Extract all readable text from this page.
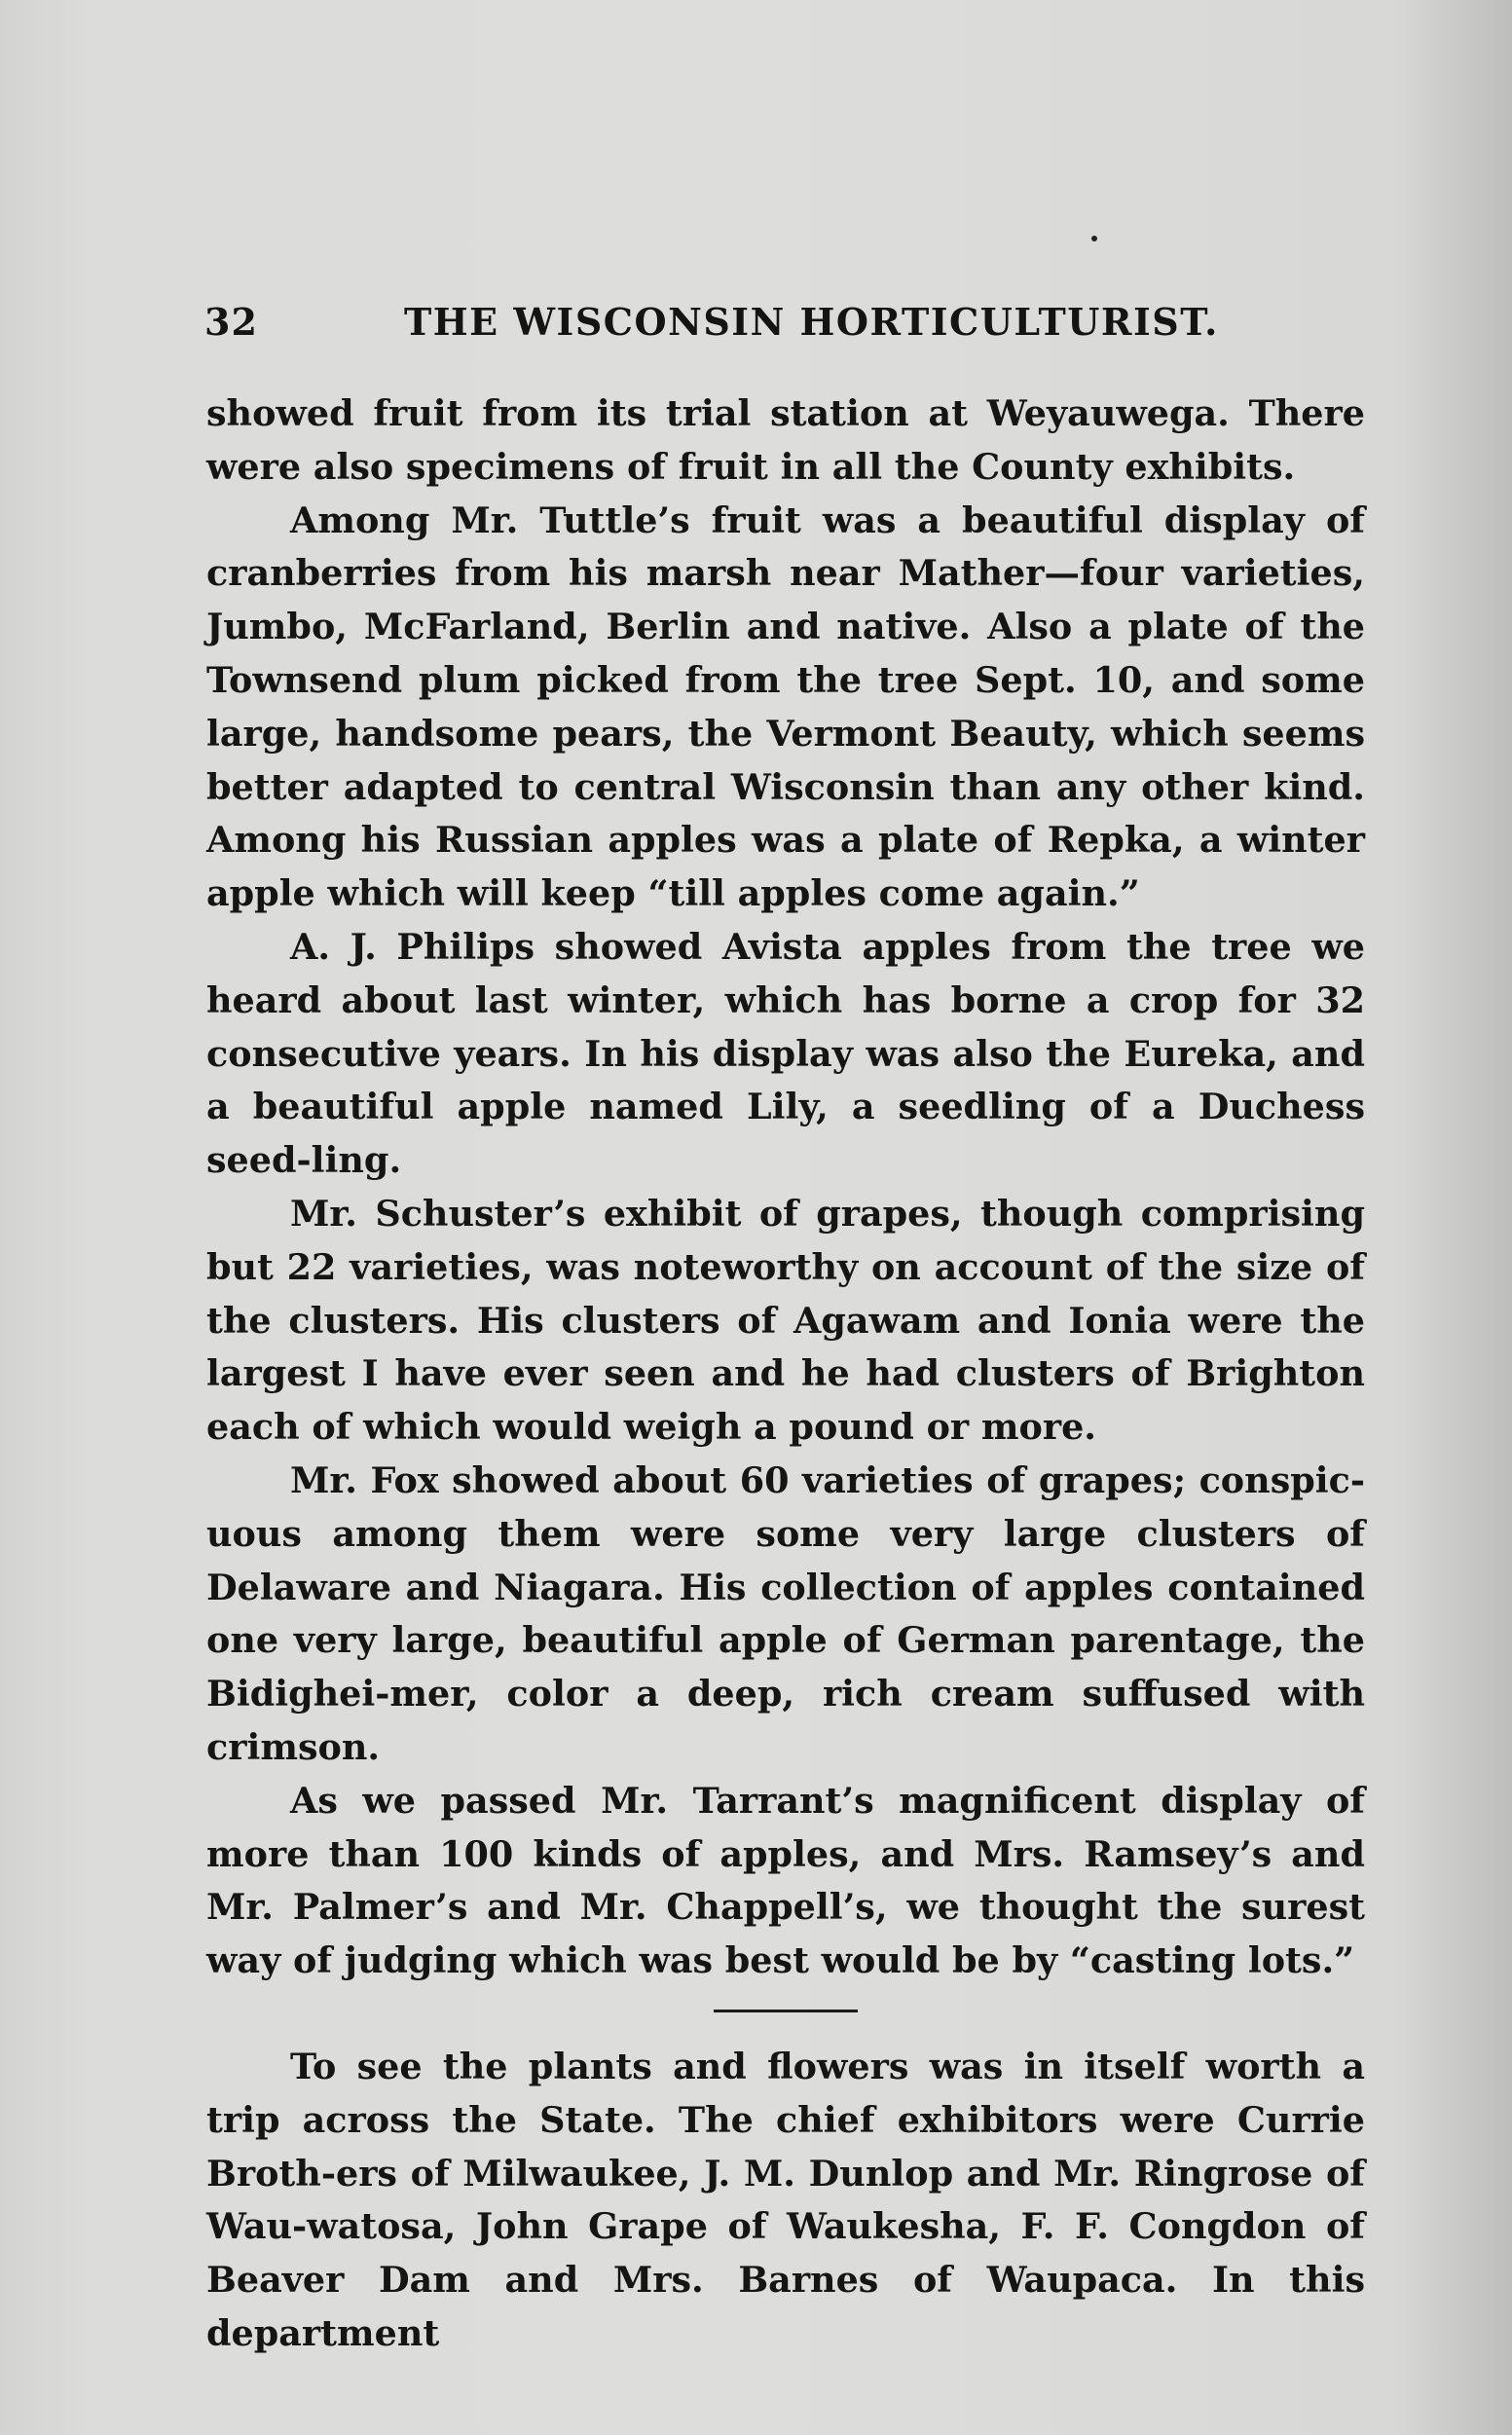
32	THE WISCONSIN HORTICULTURIST.

showed fruit from its trial station at Weyauwega. There were also specimens of fruit in all the County exhibits.

Among Mr. Tuttle’s fruit was a beautiful display of cranberries from his marsh near Mather—four varieties, Jumbo, McFarland, Berlin and native. Also a plate of the Townsend plum picked from the tree Sept. 10, and some large, handsome pears, the Vermont Beauty, which seems better adapted to central Wisconsin than any other kind. Among his Russian apples was a plate of Repka, a winter apple which will keep “till apples come again.”

A. J. Philips showed Avista apples from the tree we heard about last winter, which has borne a crop for 32 consecutive years. In his display was also the Eureka, and a beautiful apple named Lily, a seedling of a Duchess seed-ling.

Mr. Schuster’s exhibit of grapes, though comprising but 22 varieties, was noteworthy on account of the size of the clusters. His clusters of Agawam and Ionia were the largest I have ever seen and he had clusters of Brighton each of which would weigh a pound or more.

Mr. Fox showed about 60 varieties of grapes; conspic-uous among them were some very large clusters of Delaware and Niagara. His collection of apples contained one very large, beautiful apple of German parentage, the Bidighei-mer, color a deep, rich cream suffused with crimson.

As we passed Mr. Tarrant’s magnificent display of more than 100 kinds of apples, and Mrs. Ramsey’s and Mr. Palmer’s and Mr. Chappell’s, we thought the surest way of judging which was best would be by “casting lots.”

To see the plants and flowers was in itself worth a trip across the State. The chief exhibitors were Currie Broth-ers of Milwaukee, J. M. Dunlop and Mr. Ringrose of Wau-watosa, John Grape of Waukesha, F. F. Congdon of Beaver Dam and Mrs. Barnes of Waupaca. In this department
